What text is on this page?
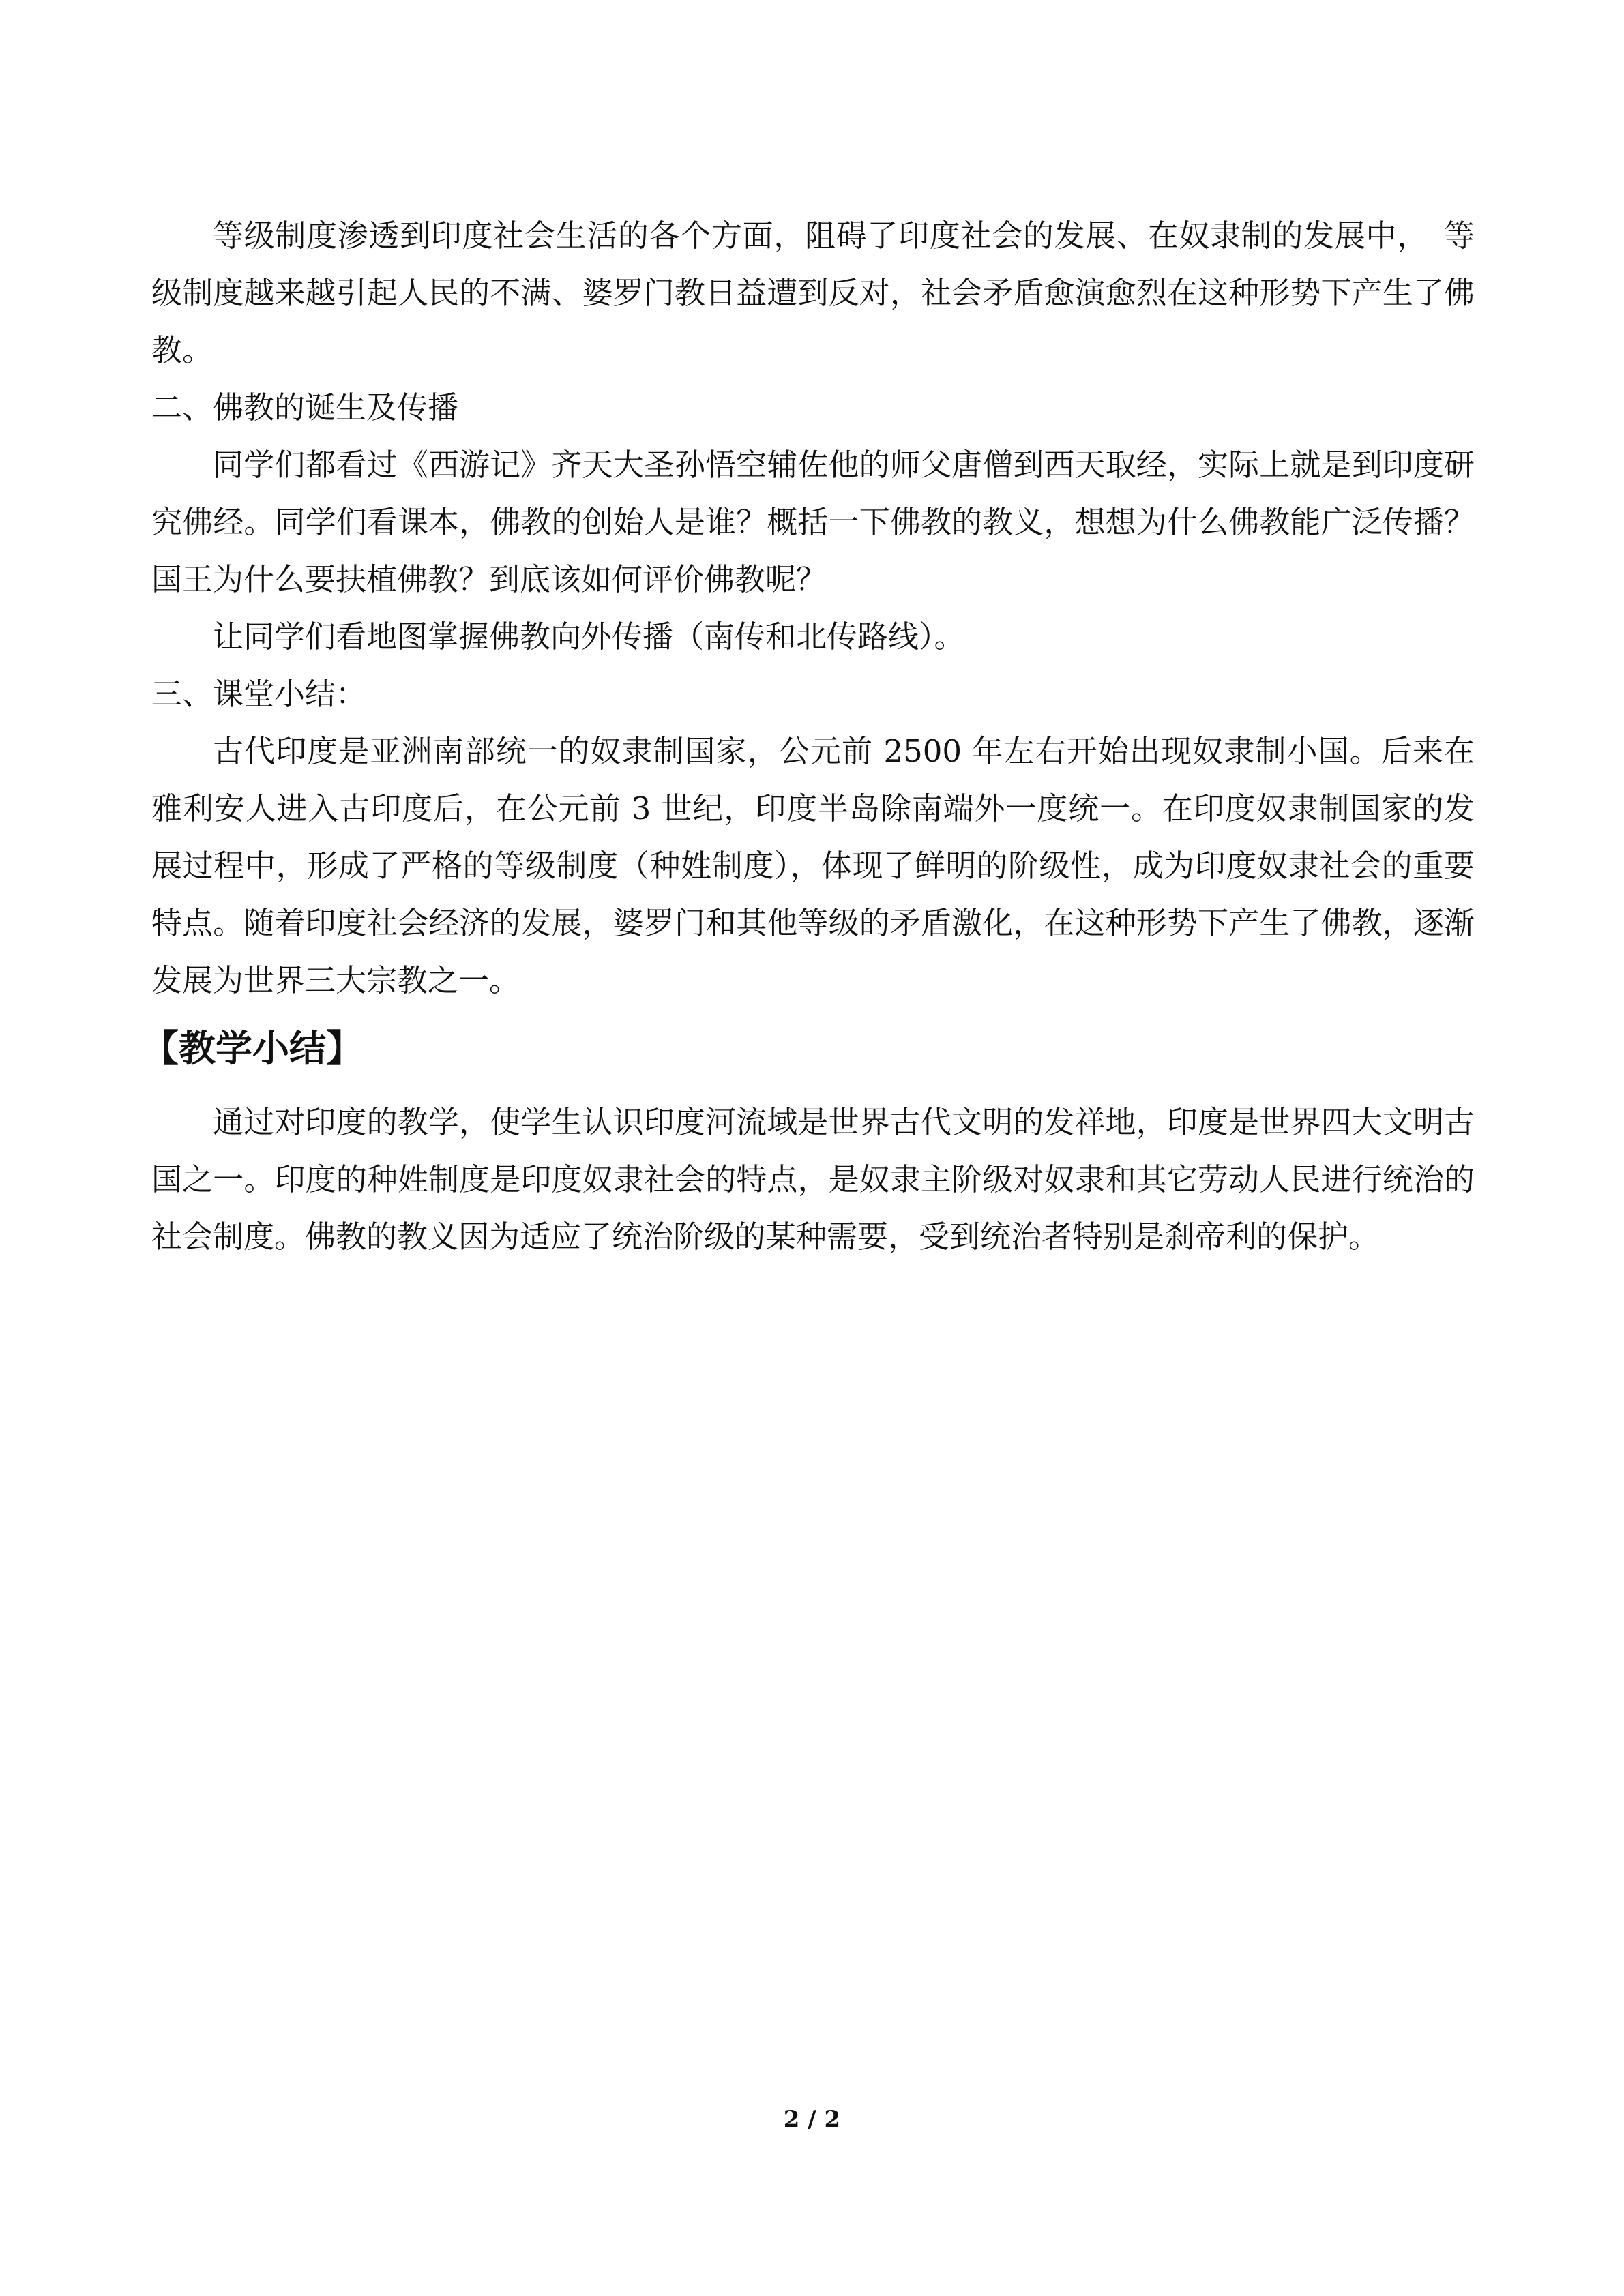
等级制度渗透到印度社会生活的各个方面，阻碍了印度社会的发展、在奴隶制的发展中，　等级制度越来越引起人民的不满、婆罗门教日益遭到反对，社会矛盾愈演愈烈在这种形势下产生了佛教。

二、佛教的诞生及传播

同学们都看过《西游记》齐天大圣孙悟空辅佐他的师父唐僧到西天取经，实际上就是到印度研究佛经。同学们看课本，佛教的创始人是谁？概括一下佛教的教义，想想为什么佛教能广泛传播？国王为什么要扶植佛教？到底该如何评价佛教呢？

让同学们看地图掌握佛教向外传播（南传和北传路线）。

三、课堂小结：

古代印度是亚洲南部统一的奴隶制国家，公元前 2500 年左右开始出现奴隶制小国。后来在雅利安人进入古印度后，在公元前 3 世纪，印度半岛除南端外一度统一。在印度奴隶制国家的发展过程中，形成了严格的等级制度（种姓制度），体现了鲜明的阶级性，成为印度奴隶社会的重要特点。随着印度社会经济的发展，婆罗门和其他等级的矛盾激化，在这种形势下产生了佛教，逐渐发展为世界三大宗教之一。

【教学小结】

通过对印度的教学，使学生认识印度河流域是世界古代文明的发祥地，印度是世界四大文明古国之一。印度的种姓制度是印度奴隶社会的特点，是奴隶主阶级对奴隶和其它劳动人民进行统治的社会制度。佛教的教义因为适应了统治阶级的某种需要，受到统治者特别是刹帝利的保护。

2 / 2
